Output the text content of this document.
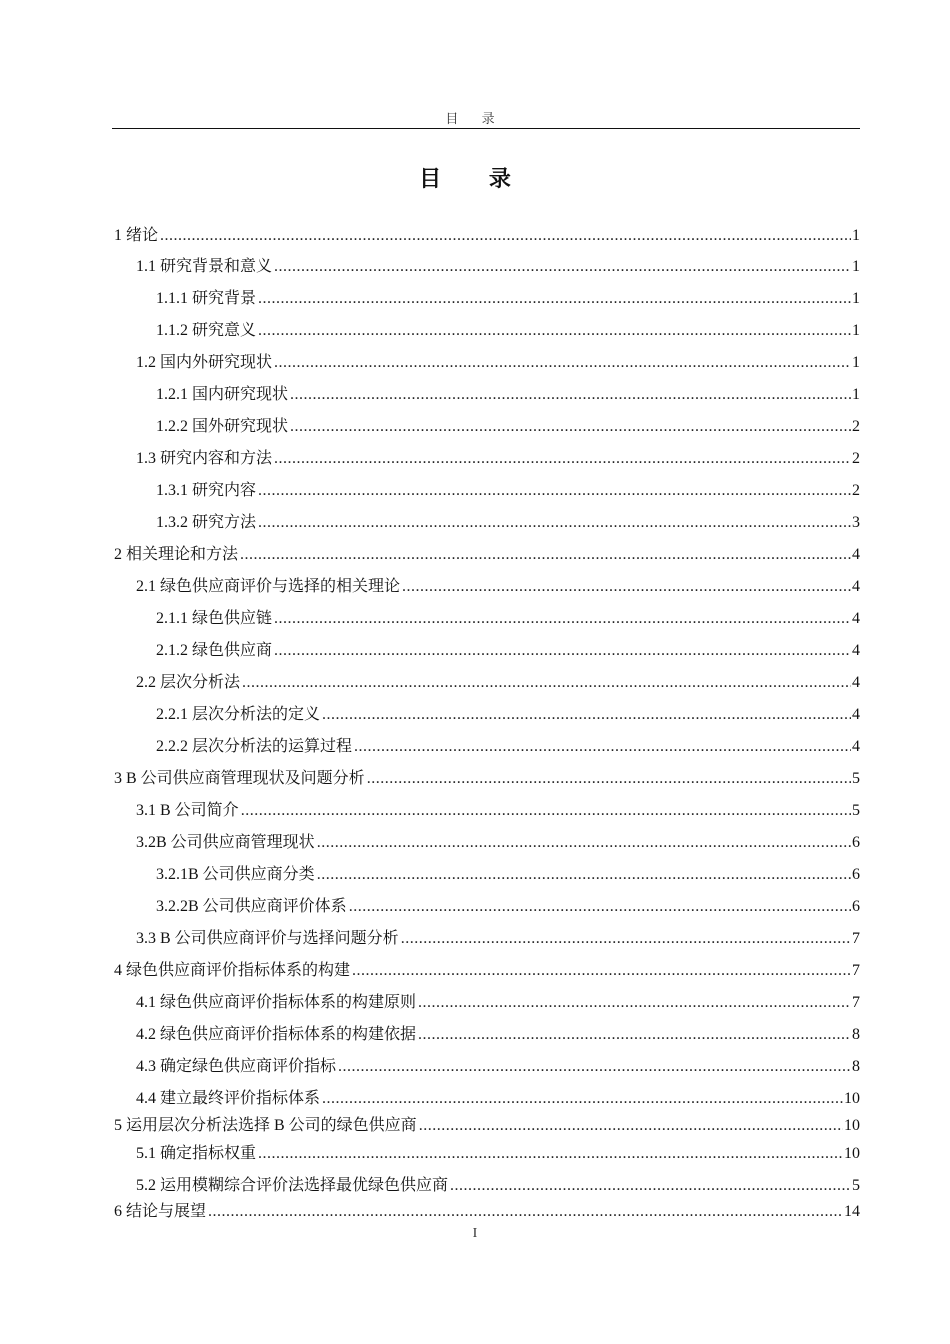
目 录
目 录
1 绪论 .....	1
1.1 研究背景和意义 .....	1
1.1.1 研究背景 .....	1
1.1.2 研究意义 .....	1
1.2 国内外研究现状 .....	1
1.2.1 国内研究现状 .....	1
1.2.2 国外研究现状 .....	2
1.3 研究内容和方法 .....	2
1.3.1 研究内容 .....	2
1.3.2 研究方法 .....	3
2 相关理论和方法 .....	4
2.1 绿色供应商评价与选择的相关理论 .....	4
2.1.1 绿色供应链 .....	4
2.1.2 绿色供应商 .....	4
2.2 层次分析法 .....	4
2.2.1 层次分析法的定义 .....	4
2.2.2 层次分析法的运算过程 .....	4
3 B 公司供应商管理现状及问题分析 .....	5
3.1 B 公司简介 .....	5
3.2B 公司供应商管理现状 .....	6
3.2.1B 公司供应商分类 .....	6
3.2.2B 公司供应商评价体系 .....	6
3.3 B 公司供应商评价与选择问题分析 .....	7
4 绿色供应商评价指标体系的构建 .....	7
4.1 绿色供应商评价指标体系的构建原则 .....	7
4.2 绿色供应商评价指标体系的构建依据 .....	8
4.3 确定绿色供应商评价指标 .....	8
4.4 建立最终评价指标体系 .....	10
5 运用层次分析法选择 B 公司的绿色供应商 .....	10
5.1 确定指标权重 .....	10
5.2 运用模糊综合评价法选择最优绿色供应商 .....	5
6 结论与展望 .....	14
I
